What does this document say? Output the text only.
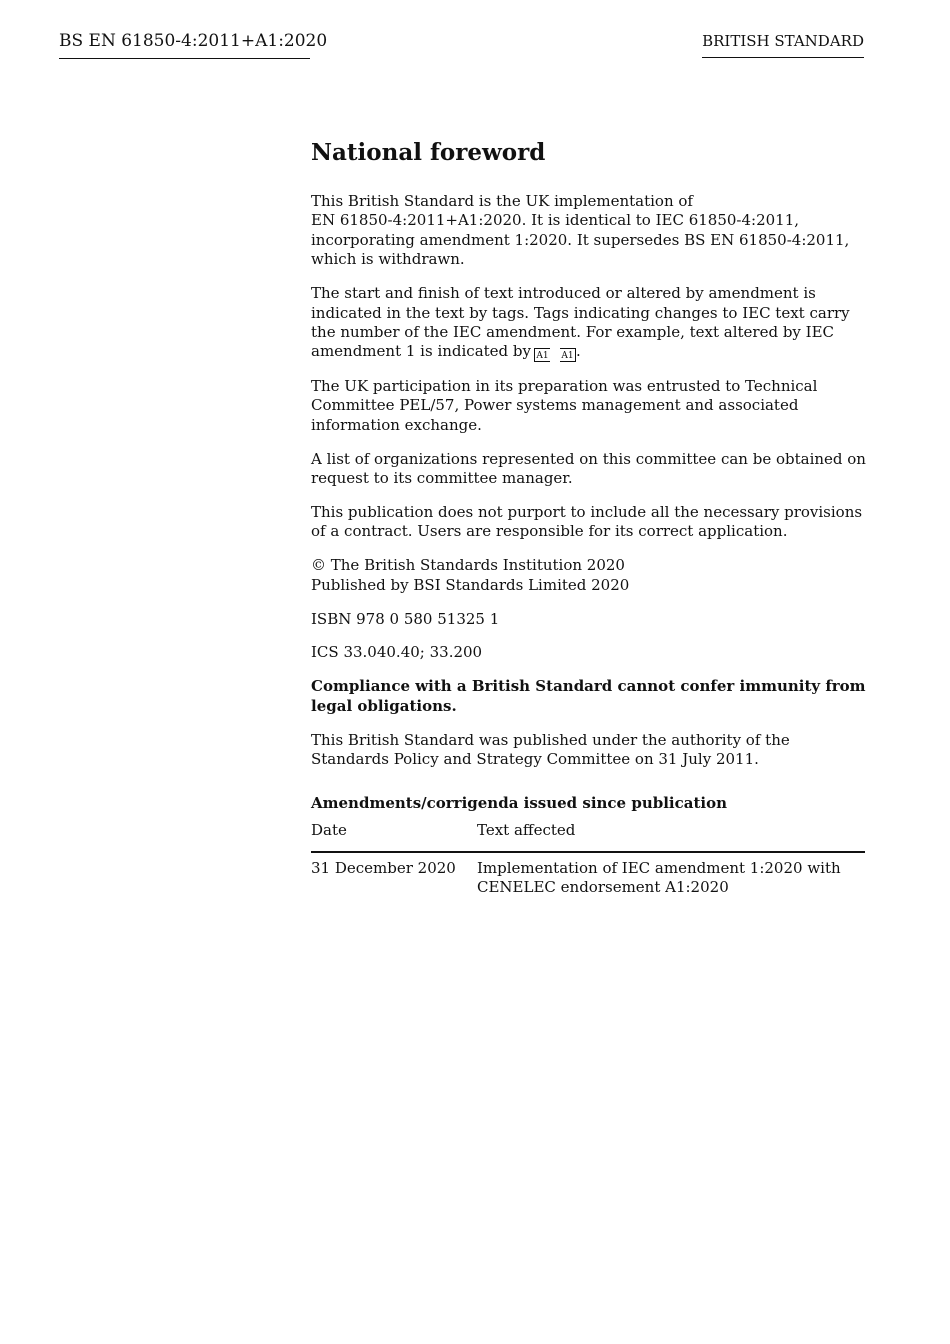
BS EN 61850-4:2011+A1:2020	BRITISH STANDARD
National foreword

This British Standard is the UK implementation of
EN 61850-4:2011+A1:2020. It is identical to IEC 61850-4:2011,
incorporating amendment 1:2020. It supersedes BS EN 61850-4:2011,
which is withdrawn.

The start and finish of text introduced or altered by amendment is
indicated in the text by tags. Tags indicating changes to IEC text carry
the number of the IEC amendment. For example, text altered by IEC
amendment 1 is indicated by A1 A1 .

The UK participation in its preparation was entrusted to Technical
Committee PEL/57, Power systems management and associated
information exchange.

A list of organizations represented on this committee can be obtained on
request to its committee manager.

This publication does not purport to include all the necessary provisions
of a contract. Users are responsible for its correct application.

© The British Standards Institution 2020
Published by BSI Standards Limited 2020

ISBN 978 0 580 51325 1

ICS 33.040.40; 33.200

Compliance with a British Standard cannot confer immunity from
legal obligations.

This British Standard was published under the authority of the
Standards Policy and Strategy Committee on 31 July 2011.

Amendments/corrigenda issued since publication
Date	Text affected
31 December 2020	Implementation of IEC amendment 1:2020 with
CENELEC endorsement A1:2020
